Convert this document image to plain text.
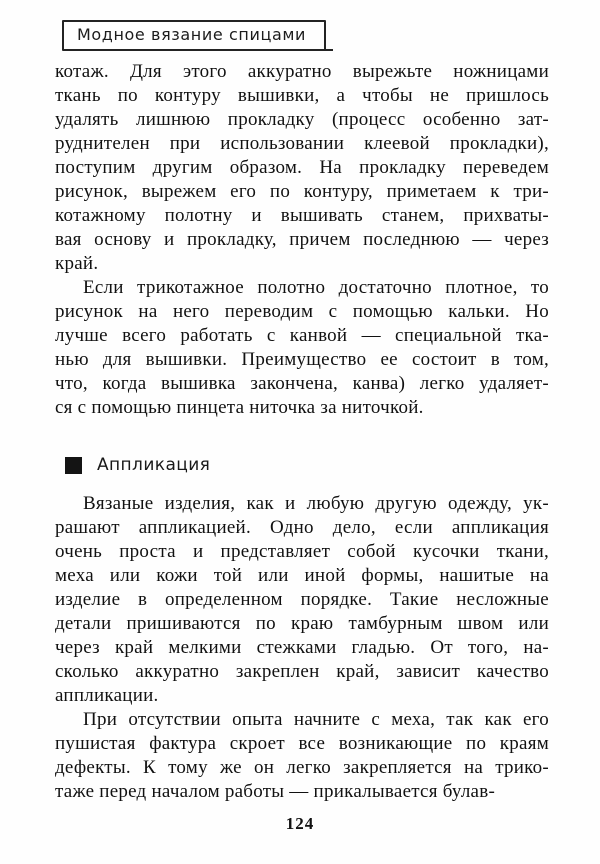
Модное вязание спицами
котаж. Для этого аккуратно вырежьте ножницами
ткань по контуру вышивки, а чтобы не пришлось
удалять лишнюю прокладку (процесс особенно зат-
руднителен при использовании клеевой прокладки),
поступим другим образом. На прокладку переведем
рисунок, вырежем его по контуру, приметаем к три-
котажному полотну и вышивать станем, прихваты-
вая основу и прокладку, причем последнюю — через
край.
Если трикотажное полотно достаточно плотное, то
рисунок на него переводим с помощью кальки. Но
лучше всего работать с канвой — специальной тка-
нью для вышивки. Преимущество ее состоит в том,
что, когда вышивка закончена, канва) легко удаляет-
ся с помощью пинцета ниточка за ниточкой.
Аппликация
Вязаные изделия, как и любую другую одежду, ук-
рашают аппликацией. Одно дело, если аппликация
очень проста и представляет собой кусочки ткани,
меха или кожи той или иной формы, нашитые на
изделие в определенном порядке. Такие несложные
детали пришиваются по краю тамбурным швом или
через край мелкими стежками гладью. От того, на-
сколько аккуратно закреплен край, зависит качество
аппликации.
При отсутствии опыта начните с меха, так как его
пушистая фактура скроет все возникающие по краям
дефекты. К тому же он легко закрепляется на трико-
таже перед началом работы — прикалывается булав-
124
